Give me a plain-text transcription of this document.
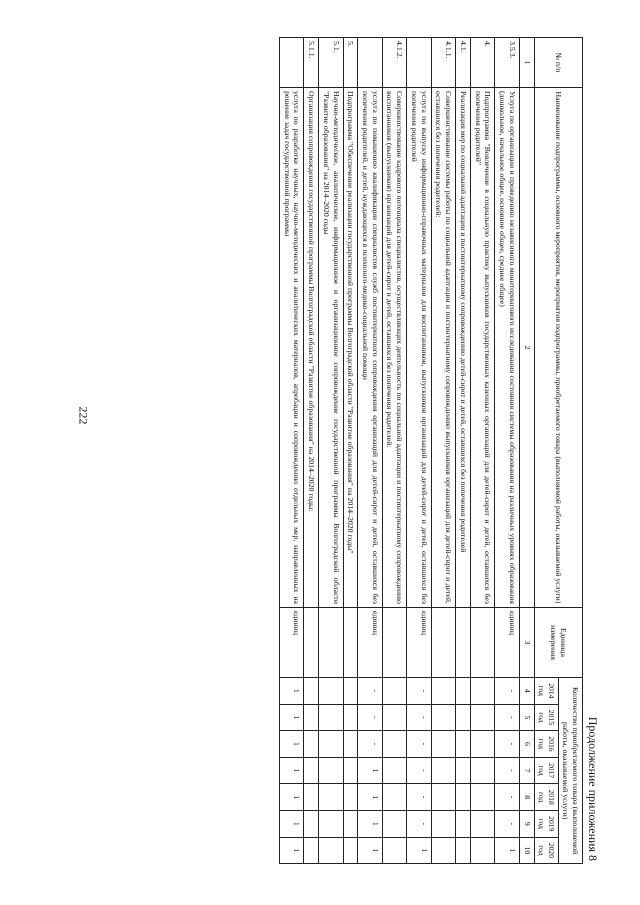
222
Продолжение приложения 8
№ п/п	Наименование подпрограммы, основного мероприятия, мероприятия подпрограммы, приобретаемого товара (выполняемой работы, оказываемой услуги)	Единица измерения	Количество приобретаемого товара (выполняемой работы, оказываемой услуги)						
			2014 год	2015 год	2016 год	2017 год	2018 год	2019 год	2020 год
1	2	3	4	5	6	7	8	9	10
3.5.3.	Услуга по организации и проведению независимого мониторингового исследования состояния системы образования на различных уровнях образования (дошкольное, начальное общее, основное общее, среднее общее)	единиц	-	-	-	-	-	-	1
4.	Подпрограмма "Вовлечение в социальную практику выпускников государственных казенных организаций для детей-сирот и детей, оставшихся без попечения родителей"								
4.1.	Реализация мер по социальной адаптации и постинтернатному сопровождению детей-сирот и детей, оставшихся без попечения родителей								
4.1.1.	Совершенствование системы работы по социальной адаптации и постинтернатному сопровождению выпускников организаций для детей-сирот и детей, оставшихся без попечения родителей:								
	услуга по выпуску информационно-справочных материалов для воспитанников, выпускников организаций для детей-сирот и детей, оставшихся без попечения родителей	единиц	-	-	-	-	-	-	1
4.1.2.	Совершенствование кадрового потенциала специалистов, осуществляющих деятельность по социальной адаптации и постинтернатному сопровождению воспитанников (выпускников) организаций для детей-сирот и детей, оставшихся без попечения родителей:								
	услуга по повышению квалификации специалистов служб постинтернатного сопровождения организаций для детей-сирот и детей, оставшихся без попечения родителей, и детей, нуждающихся в психолого-медико-социальной помощи	единиц	-	-	-	1	1	1	1
5.	Подпрограмма "Обеспечение реализации государственной программы Волгоградской области "Развитие образования" на 2014–2020 годы"								
5.1.	Научно-методическое, аналитическое, информационное и организационное сопровождение государственной программы Волгоградской области "Развитие образования" на 2014–2020 годы								
5.1.1.	Организация сопровождения государственной программы Волгоградской области "Развитие образования" на 2014–2020 годы:								
	услуга по разработке научных, научно-методических и аналитических материалов, апробации и сопровождению отдельных мер, направленных на решение задач государственной программы	единиц	1	1	1	1	1	1	1
